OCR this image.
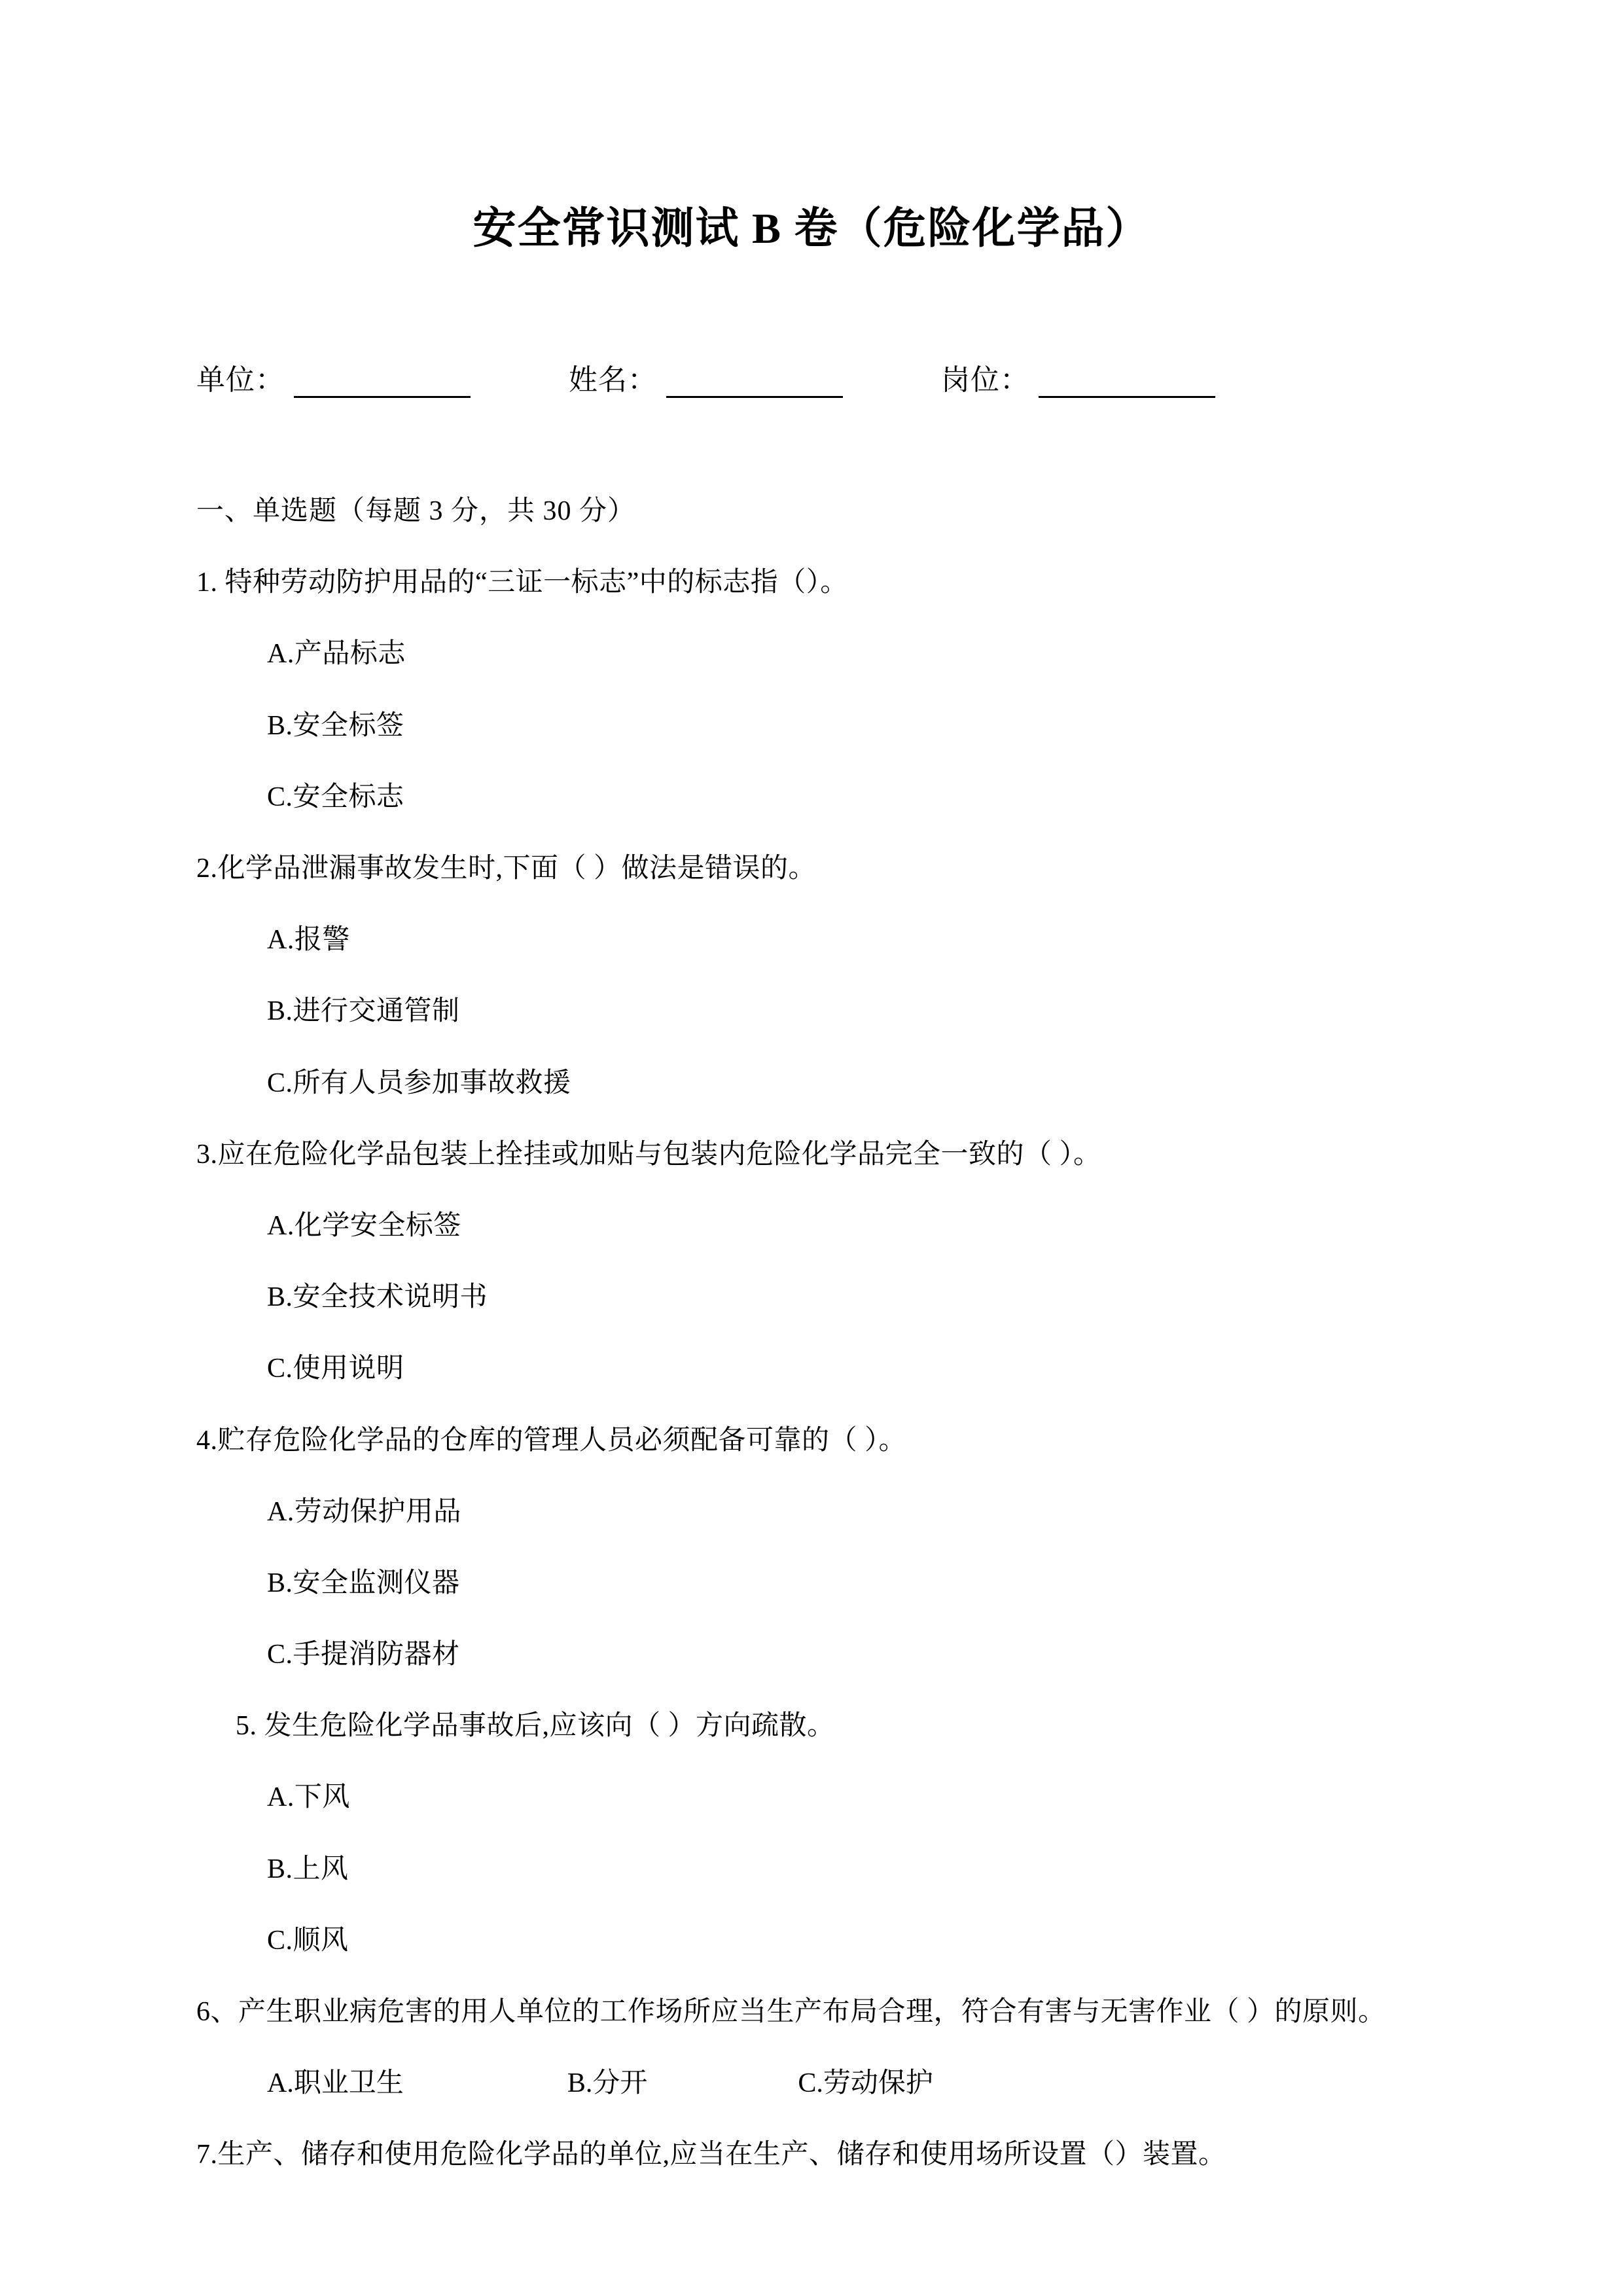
安全常识测试 B 卷（危险化学品）
单位：	姓名：	岗位：
一、单选题（每题 3 分，共 30 分）
1. 特种劳动防护用品的“三证一标志”中的标志指（）。
A.产品标志
B.安全标签
C.安全标志
2.化学品泄漏事故发生时,下面（ ）做法是错误的。
A.报警
B.进行交通管制
C.所有人员参加事故救援
3.应在危险化学品包装上拴挂或加贴与包装内危险化学品完全一致的（ ）。
A.化学安全标签
B.安全技术说明书
C.使用说明
4.贮存危险化学品的仓库的管理人员必须配备可靠的（ ）。
A.劳动保护用品
B.安全监测仪器
C.手提消防器材
5. 发生危险化学品事故后,应该向（ ）方向疏散。
A.下风
B.上风
C.顺风
6、产生职业病危害的用人单位的工作场所应当生产布局合理，符合有害与无害作业（ ）的原则。
A.职业卫生	B.分开	C.劳动保护
7.生产、储存和使用危险化学品的单位,应当在生产、储存和使用场所设置（）装置。
